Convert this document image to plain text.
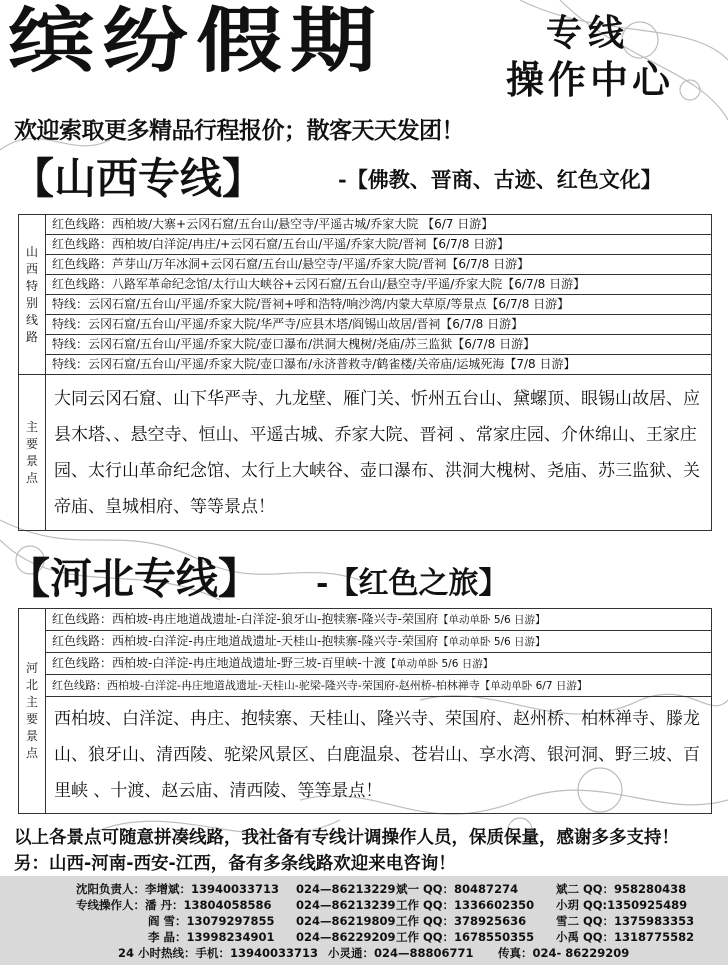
缤纷假期	专线
操作中心
欢迎索取更多精品行程报价；散客天天发团！
【山西专线】	-【佛教、晋商、古迹、红色文化】
山西特别线路	红色线路：西柏坡/大寨+云冈石窟/五台山/悬空寺/平遥古城/乔家大院 【6/7 日游】
	红色线路：西柏坡/白洋淀/冉庄/+云冈石窟/五台山/平遥/乔家大院/晋祠【6/7/8 日游】
	红色线路：芦芽山/万年冰洞+云冈石窟/五台山/悬空寺/平遥/乔家大院/晋祠【6/7/8 日游】
	红色线路：八路军革命纪念馆/太行山大峡谷+云冈石窟/五台山/悬空寺/平遥/乔家大院【6/7/8 日游】
	特线：云冈石窟/五台山/平遥/乔家大院/晋祠+呼和浩特/响沙湾/内蒙大草原/等景点【6/7/8 日游】
	特线：云冈石窟/五台山/平遥/乔家大院/华严寺/应县木塔/阎锡山故居/晋祠【6/7/8 日游】
	特线：云冈石窟/五台山/平遥/乔家大院/壶口瀑布/洪洞大槐树/尧庙/苏三监狱【6/7/8 日游】
	特线：云冈石窟/五台山/平遥/乔家大院/壶口瀑布/永济普救寺/鹤雀楼/关帝庙/运城死海【7/8 日游】
主要景点	大同云冈石窟、山下华严寺、九龙壁、雁门关、忻州五台山、黛螺顶、眼锡山故居、应县木塔、、悬空寺、恒山、平遥古城、乔家大院、晋祠 、常家庄园、介休绵山、王家庄园、太行山革命纪念馆、太行上大峡谷、壶口瀑布、洪洞大槐树、尧庙、苏三监狱、关帝庙、皇城相府、等等景点！
【河北专线】 -【红色之旅】
河北主要景点	红色线路：西柏坡-冉庄地道战遗址-白洋淀-狼牙山-抱犊寨-隆兴寺-荣国府【单动单卧 5/6 日游】
红色线路：西柏坡-白洋淀-冉庄地道战遗址-天桂山-抱犊寨-隆兴寺-荣国府【单动单卧 5/6 日游】
红色线路：西柏坡-白洋淀-冉庄地道战遗址-野三坡-百里峡-十渡【单动单卧 5/6 日游】
红色线路：西柏坡-白洋淀-冉庄地道战遗址-天桂山-驼梁-隆兴寺-荣国府-赵州桥-柏林禅寺【单动单卧 6/7 日游】
西柏坡、白洋淀、冉庄、抱犊寨、天桂山、隆兴寺、荣国府、赵州桥、柏林禅寺、滕龙山、狼牙山、清西陵、驼梁风景区、白鹿温泉、苍岩山、享水湾、银河洞、野三坡、百里峡 、十渡、赵云庙、清西陵、等等景点！
以上各景点可随意拼凑线路，我社备有专线计调操作人员，保质保量，感谢多多支持！
另：山西-河南-西安-江西，备有多条线路欢迎来电咨询！
沈阳负责人：李增斌：13940033713 024—86213229 斌一 QQ：80487274	斌二 QQ：958280438
专线操作人：潘 丹：13804058586 024—86213239 工作 QQ：1336602350 小玥 QQ:1350925489
阎 雪：13079297855 024—86219809 工作 QQ：378925636	雪二 QQ：1375983353
李 晶：13998234901 024—86229209 工作 QQ：1678550355 小禹 QQ：1318775582
24 小时热线：手机：13940033713 小灵通：024—88806771 传真：024- 86229209
